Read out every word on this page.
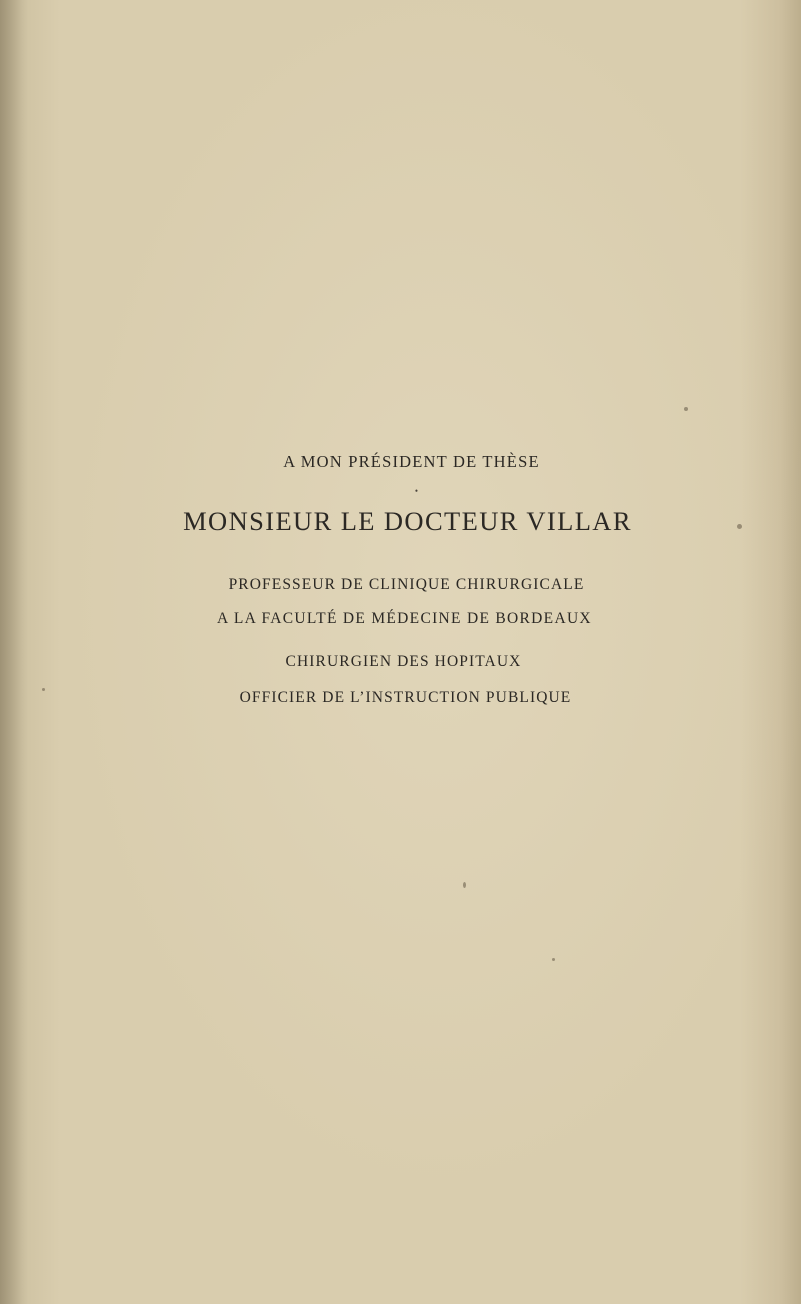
A MON PRÉSIDENT DE THÈSE
•
MONSIEUR LE DOCTEUR VILLAR
PROFESSEUR DE CLINIQUE CHIRURGICALE
A LA FACULTÉ DE MÉDECINE DE BORDEAUX
CHIRURGIEN DES HOPITAUX
OFFICIER DE L’INSTRUCTION PUBLIQUE
